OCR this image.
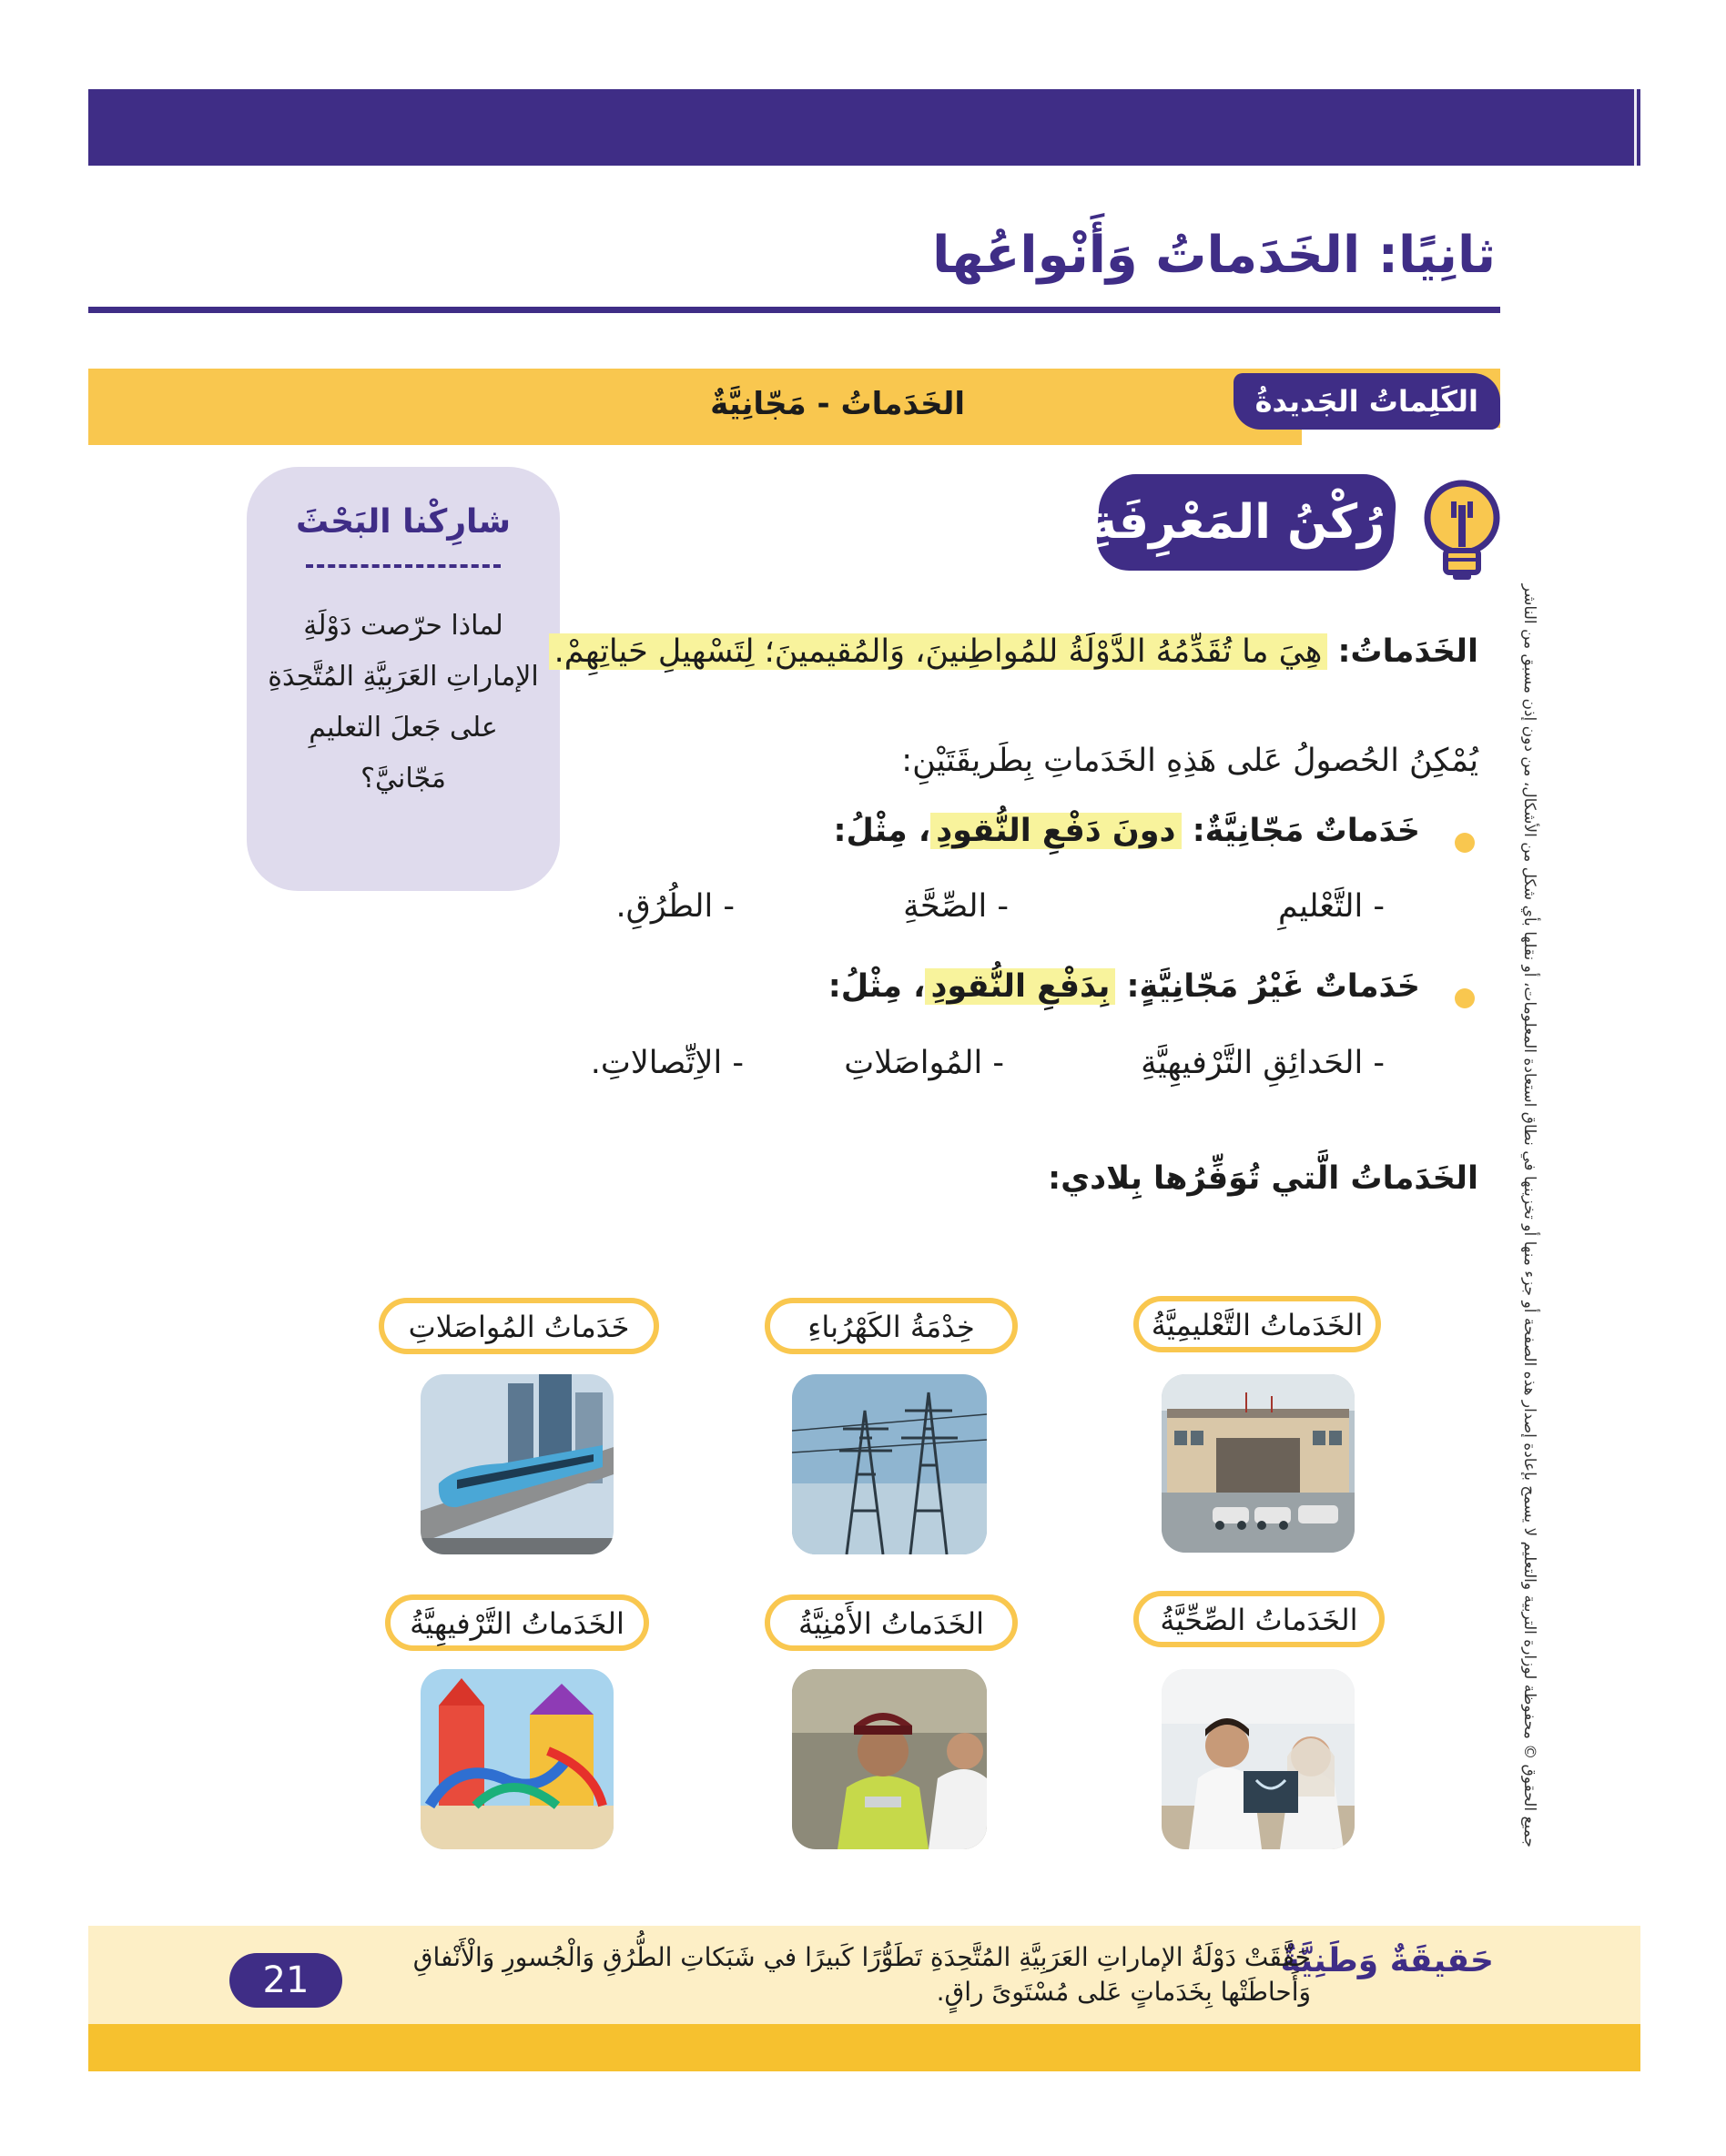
ثانِيًا: الخَدَماتُ وَأَنْواعُها
الكَلِماتُ الجَديدةُ
الخَدَماتُ - مَجّانِيَّةٌ
شارِكْنا البَحْثَ
لماذا حرّصت دَوْلَةِ الإماراتِ العَرَبِيَّةِ المُتَّحِدَةِ على جَعلَ التعليمِ مَجّانيَّ؟
رُكْنُ المَعْرِفَةِ
الخَدَماتُ: هِيَ ما تُقَدِّمُهُ الدَّوْلَةُ للمُواطِنينَ، وَالمُقيمينَ؛ لِتَسْهيلِ حَياتِهِمْ.
يُمْكِنُ الحُصولُ عَلى هَذِهِ الخَدَماتِ بِطَريقَتَيْنِ:
خَدَماتٌ مَجّانِيَّةٌ: دونَ دَفْعِ النُّقودِ، مِثْلُ:
- التَّعْليمِ
- الصِّحَّةِ
- الطُرُقِ.
خَدَماتٌ غَيْرُ مَجّانِيَّةٍ: بِدَفْعِ النُّقودِ، مِثْلُ:
- الحَدائِقِ التَّرْفيهِيَّةِ
- المُواصَلاتِ
- الاِتِّصالاتِ.
الخَدَماتُ الَّتي تُوَفِّرُها بِلادي:
الخَدَماتُ التَّعْليمِيَّةُ
خِدْمَةُ الكَهْرُباءِ
خَدَماتُ المُواصَلاتِ
الخَدَماتُ الصِّحِّيَّةُ
الخَدَماتُ الأَمْنِيَّةُ
الخَدَماتُ التَّرْفيهِيَّةُ	جميع الحقوق © محفوظة لوزارة التربية والتعليم لا يسمح بإعادة إصدار هذه الصفحة أو جزء منها أو تخزينها في نطاق استعادة المعلومات، أو نقلها بأي شكل من الأشكال، من دون إذن مسبق من الناشر
حَقيقَةٌ وَطَنِيَّةٌ
حَقَّقَتْ دَوْلَةُ الإماراتِ العَرَبِيَّةِ المُتَّحِدَةِ تَطَوُّرًا كَبيرًا في شَبَكاتِ الطُّرُقِ وَالْجُسورِ وَالْأَنْفاقِ وَأَحاطَتْها بِخَدَماتٍ عَلى مُسْتَوىً راقٍ.
21
